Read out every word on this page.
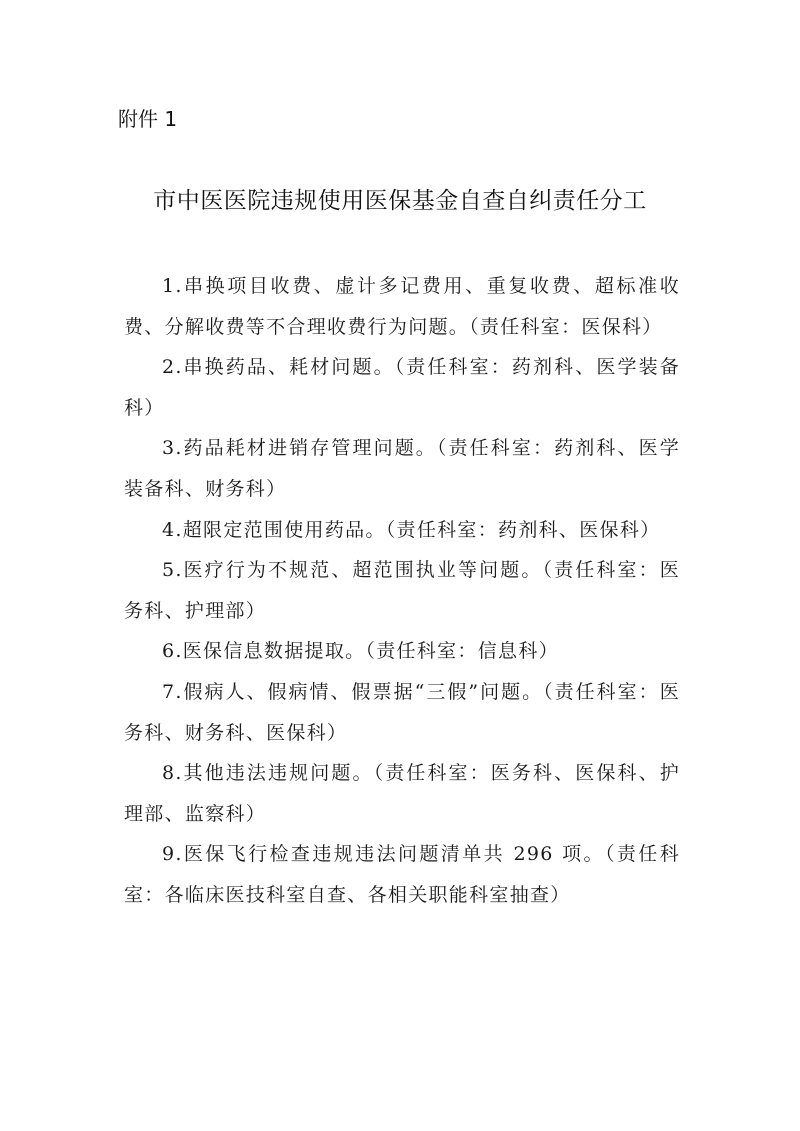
附件 1
市中医医院违规使用医保基金自查自纠责任分工
1.串换项目收费、虚计多记费用、重复收费、超标准收费、分解收费等不合理收费行为问题。（责任科室：医保科）
2.串换药品、耗材问题。（责任科室：药剂科、医学装备科）
3.药品耗材进销存管理问题。（责任科室：药剂科、医学装备科、财务科）
4.超限定范围使用药品。（责任科室：药剂科、医保科）
5.医疗行为不规范、超范围执业等问题。（责任科室：医务科、护理部）
6.医保信息数据提取。（责任科室：信息科）
7.假病人、假病情、假票据“三假”问题。（责任科室：医务科、财务科、医保科）
8.其他违法违规问题。（责任科室：医务科、医保科、护理部、监察科）
9.医保飞行检查违规违法问题清单共 296 项。（责任科室：各临床医技科室自查、各相关职能科室抽查）
